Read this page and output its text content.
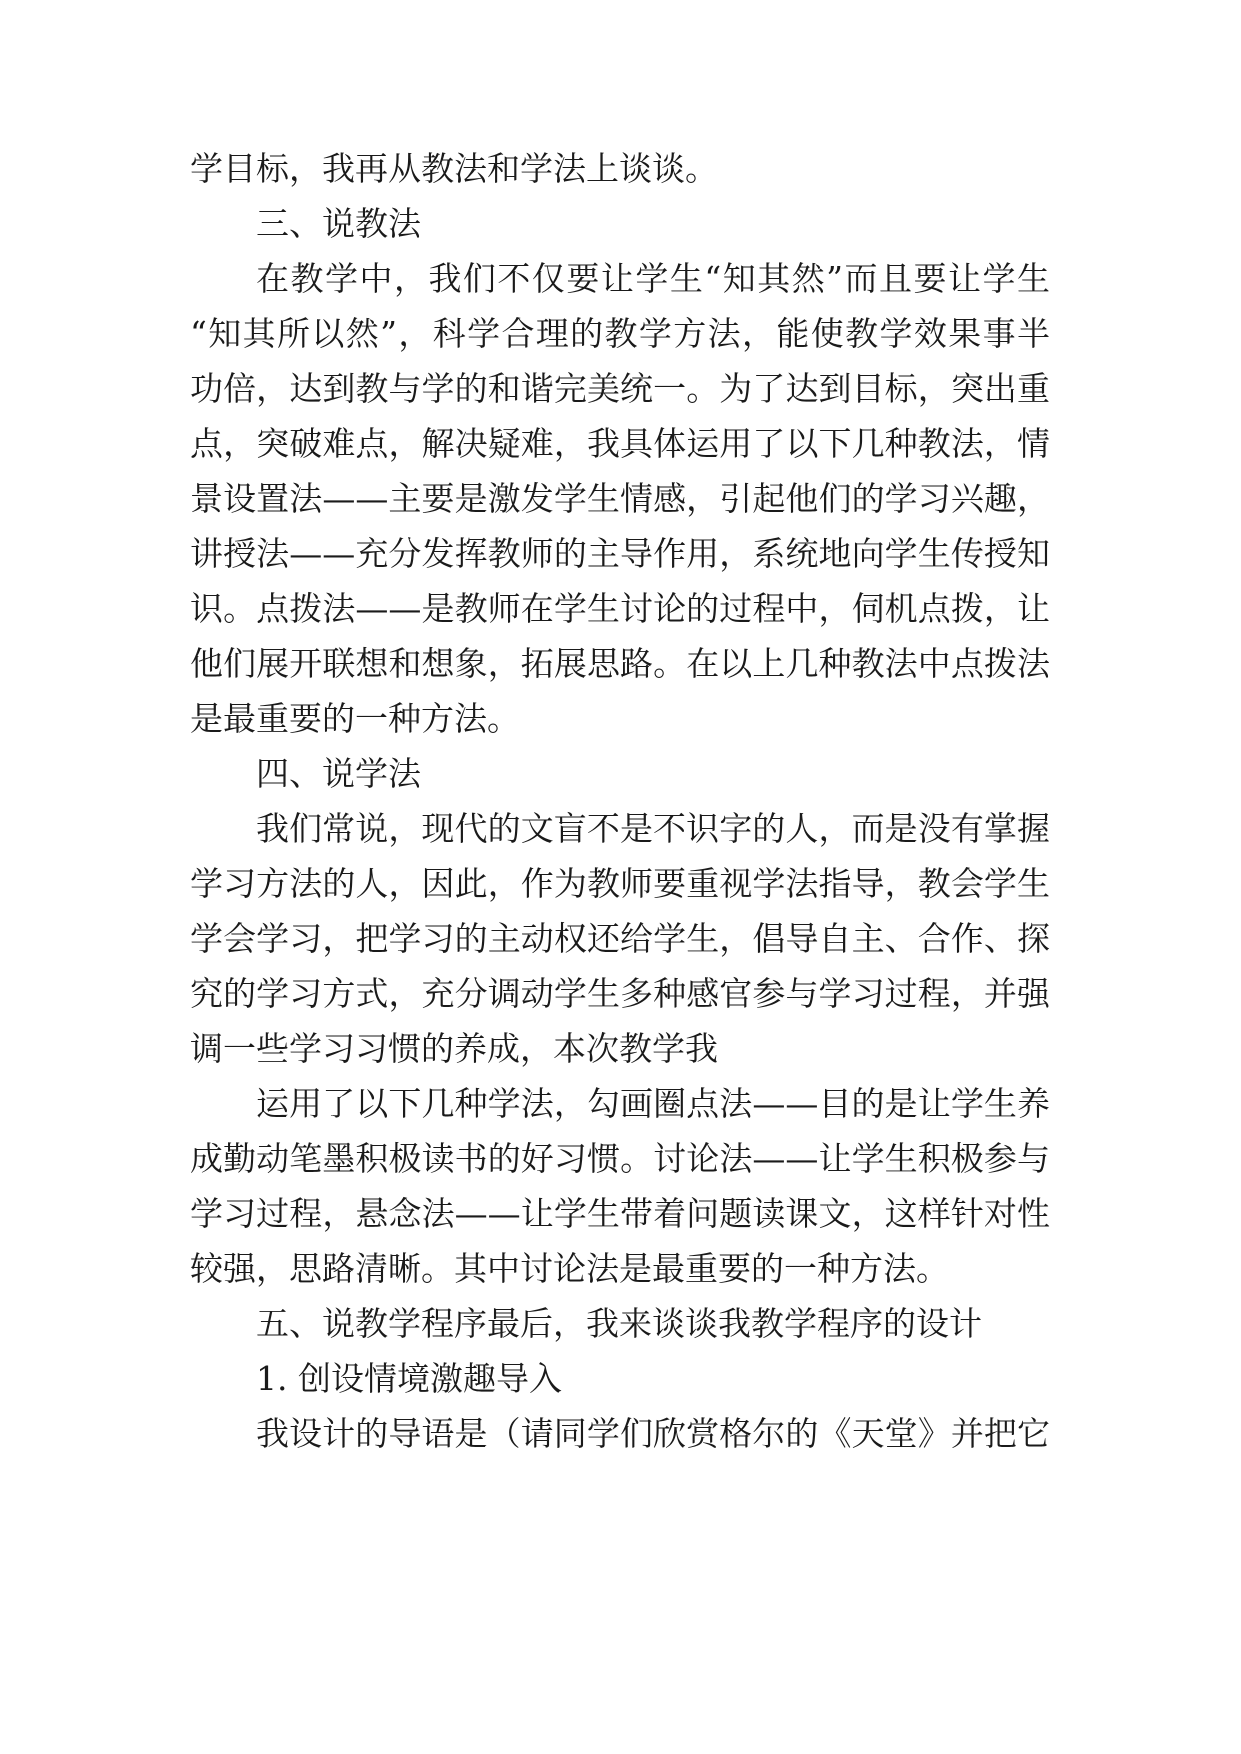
学目标，我再从教法和学法上谈谈。
三、说教法
在教学中，我们不仅要让学生“知其然”而且要让学生
“知其所以然”，科学合理的教学方法，能使教学效果事半
功倍，达到教与学的和谐完美统一。为了达到目标，突出重
点，突破难点，解决疑难，我具体运用了以下几种教法，情
景设置法——主要是激发学生情感，引起他们的学习兴趣，
讲授法——充分发挥教师的主导作用，系统地向学生传授知
识。点拨法——是教师在学生讨论的过程中，伺机点拨，让
他们展开联想和想象，拓展思路。在以上几种教法中点拨法
是最重要的一种方法。
四、说学法
我们常说，现代的文盲不是不识字的人，而是没有掌握
学习方法的人，因此，作为教师要重视学法指导，教会学生
学会学习，把学习的主动权还给学生，倡导自主、合作、探
究的学习方式，充分调动学生多种感官参与学习过程，并强
调一些学习习惯的养成，本次教学我
运用了以下几种学法，勾画圈点法——目的是让学生养
成勤动笔墨积极读书的好习惯。讨论法——让学生积极参与
学习过程，悬念法——让学生带着问题读课文，这样针对性
较强，思路清晰。其中讨论法是最重要的一种方法。
五、说教学程序最后，我来谈谈我教学程序的设计
1. 创设情境激趣导入
我设计的导语是（请同学们欣赏格尔的《天堂》并把它
